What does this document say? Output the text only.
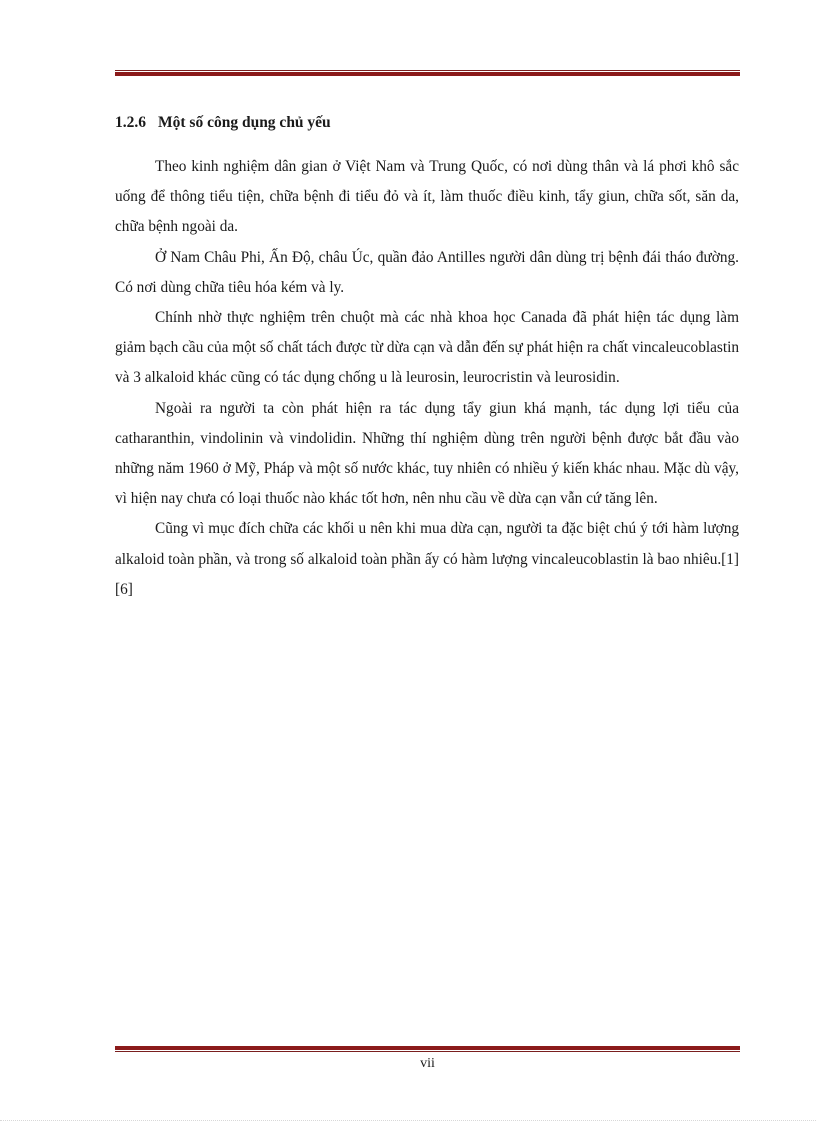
1.2.6 Một số công dụng chủ yếu

Theo kinh nghiệm dân gian ở Việt Nam và Trung Quốc, có nơi dùng thân và lá phơi khô sắc uống để thông tiểu tiện, chữa bệnh đi tiểu đỏ và ít, làm thuốc điều kinh, tẩy giun, chữa sốt, săn da, chữa bệnh ngoài da.

Ở Nam Châu Phi, Ấn Độ, châu Úc, quần đảo Antilles người dân dùng trị bệnh đái tháo đường. Có nơi dùng chữa tiêu hóa kém và ly.

Chính nhờ thực nghiệm trên chuột mà các nhà khoa học Canada đã phát hiện tác dụng làm giảm bạch cầu của một số chất tách được từ dừa cạn và dẫn đến sự phát hiện ra chất vincaleucoblastin và 3 alkaloid khác cũng có tác dụng chống u là leurosin, leurocristin và leurosidin.

Ngoài ra người ta còn phát hiện ra tác dụng tẩy giun khá mạnh, tác dụng lợi tiểu của catharanthin, vindolinin và vindolidin. Những thí nghiệm dùng trên người bệnh được bắt đầu vào những năm 1960 ở Mỹ, Pháp và một số nước khác, tuy nhiên có nhiều ý kiến khác nhau. Mặc dù vậy, vì hiện nay chưa có loại thuốc nào khác tốt hơn, nên nhu cầu về dừa cạn vẫn cứ tăng lên.

Cũng vì mục đích chữa các khối u nên khi mua dừa cạn, người ta đặc biệt chú ý tới hàm lượng alkaloid toàn phần, và trong số alkaloid toàn phần ấy có hàm lượng vincaleucoblastin là bao nhiêu.[1][6]

vii
